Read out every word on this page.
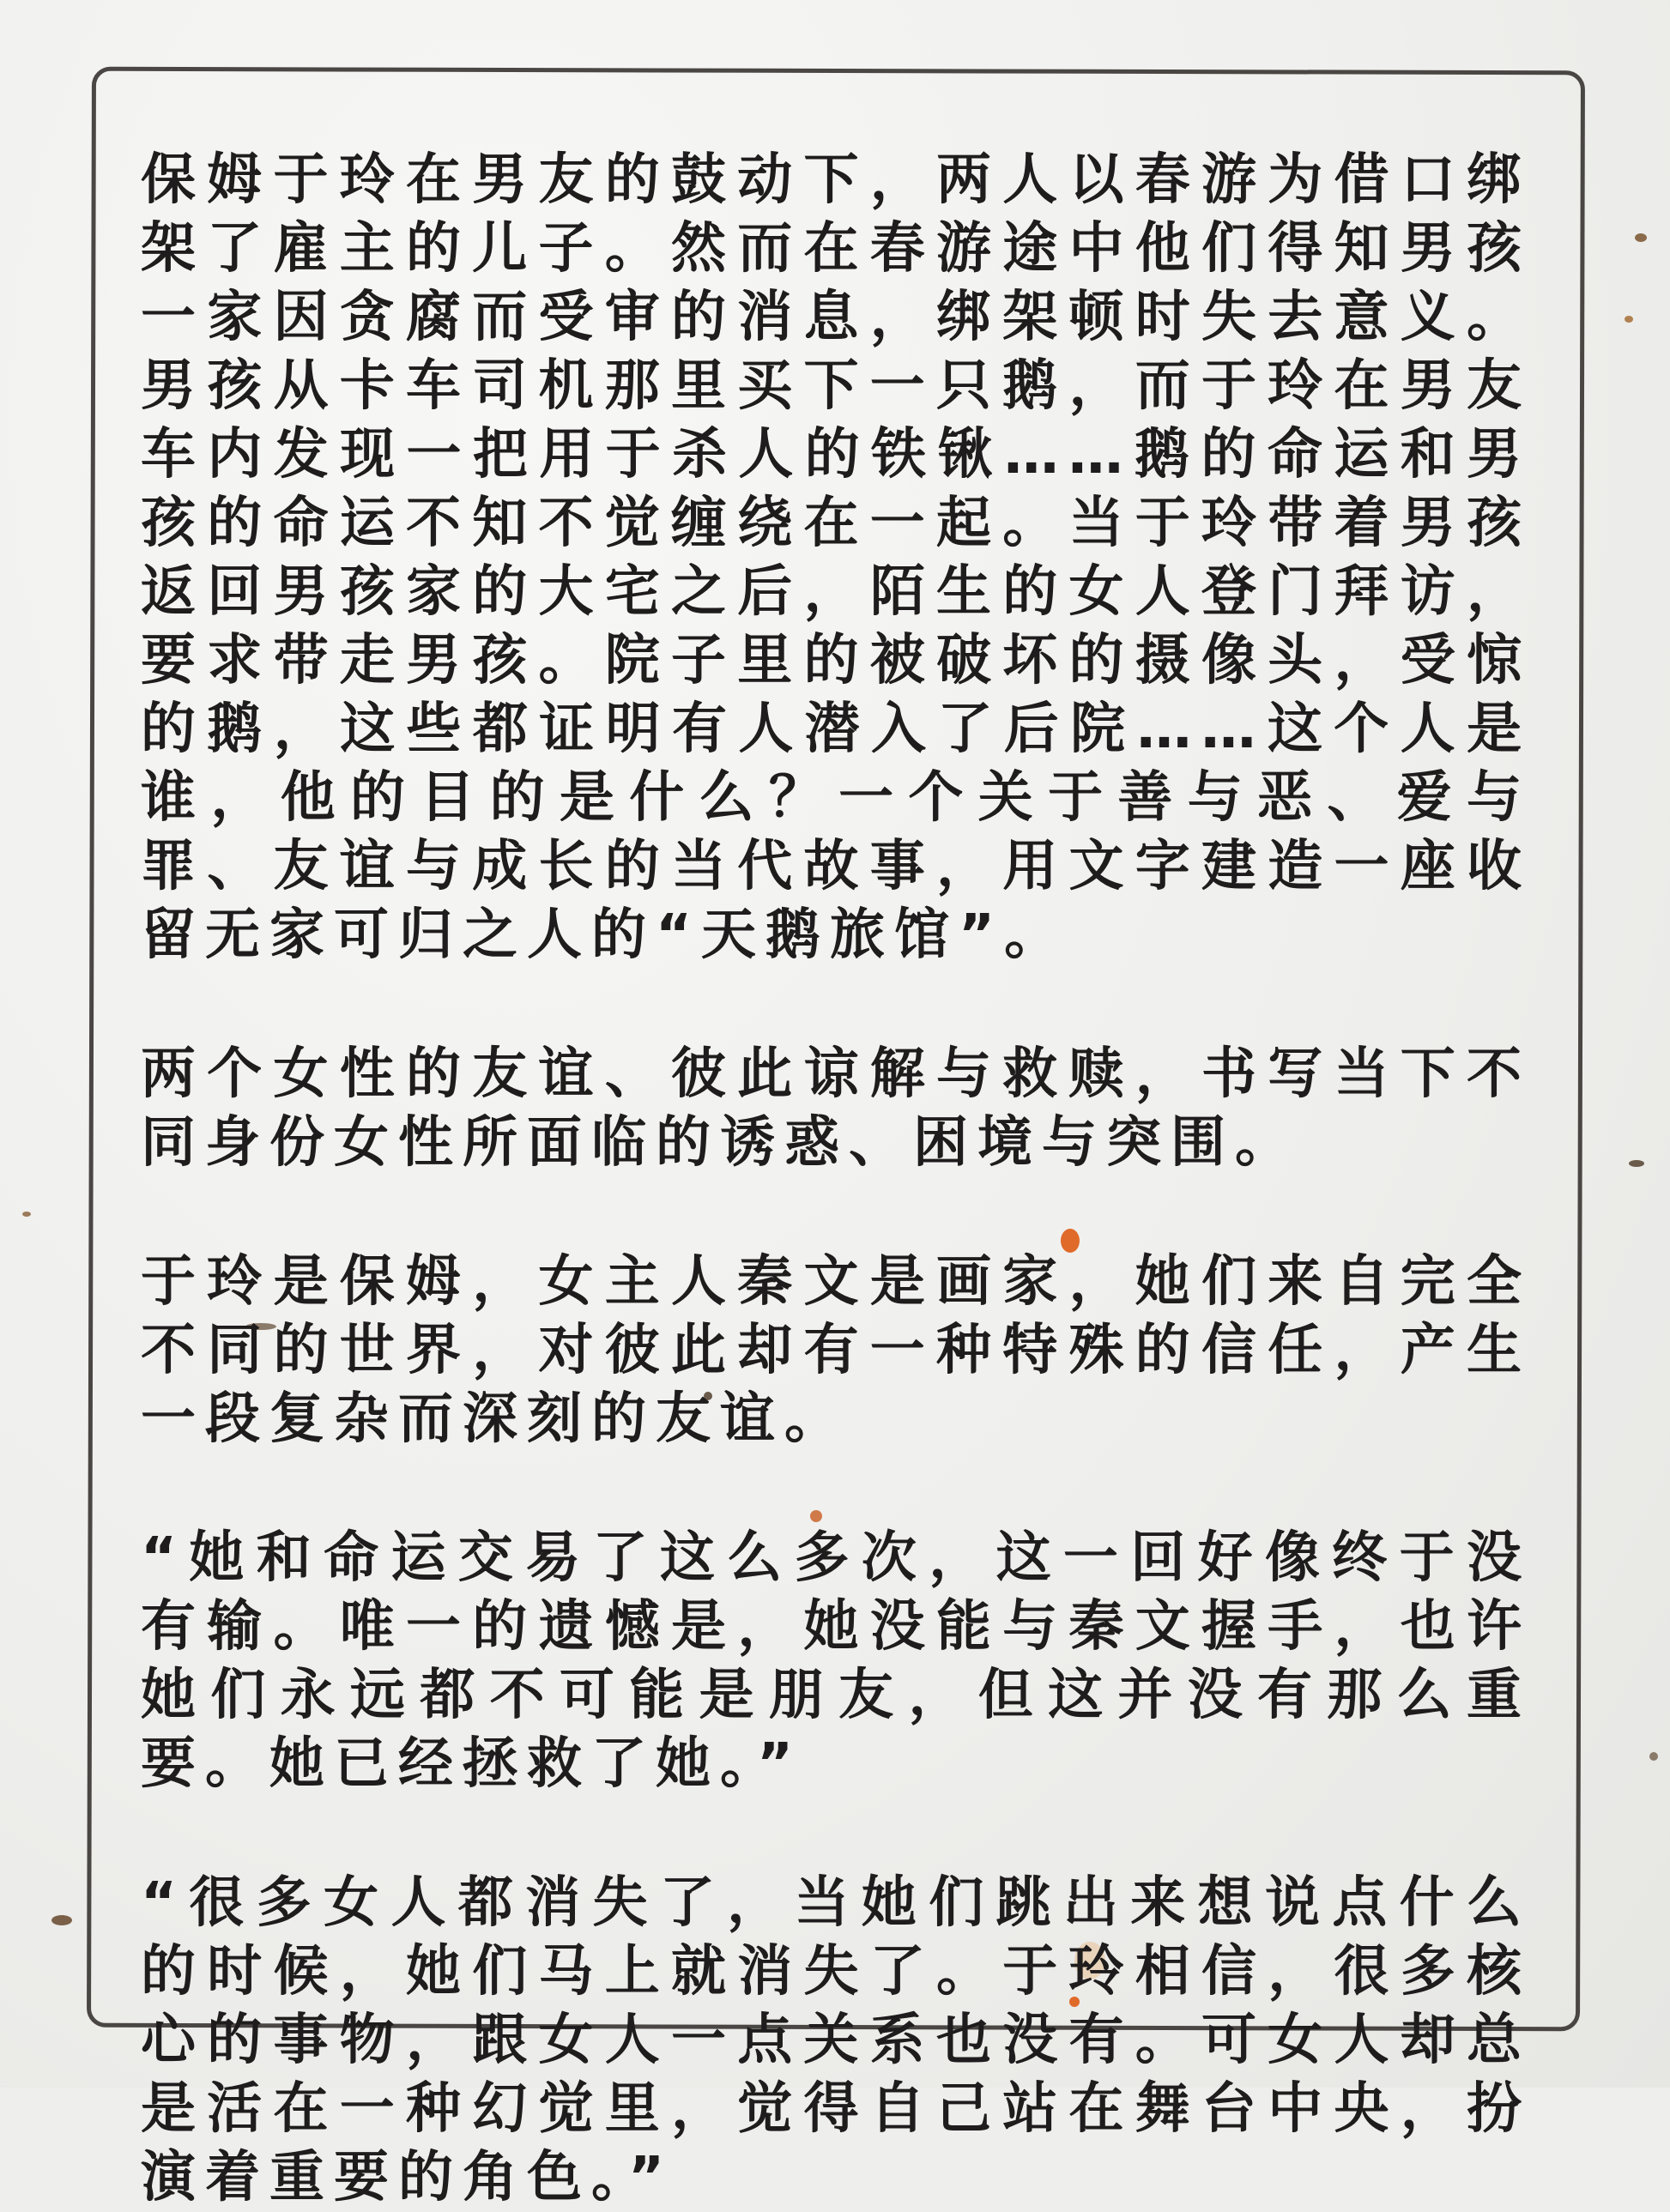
保姆于玲在男友的鼓动下，两人以春游为借口绑架了雇主的儿子。然而在春游途中他们得知男孩一家因贪腐而受审的消息，绑架顿时失去意义。男孩从卡车司机那里买下一只鹅，而于玲在男友车内发现一把用于杀人的铁锹……鹅的命运和男孩的命运不知不觉缠绕在一起。当于玲带着男孩返回男孩家的大宅之后，陌生的女人登门拜访，要求带走男孩。院子里的被破坏的摄像头，受惊的鹅，这些都证明有人潜入了后院……这个人是谁，他的目的是什么？一个关于善与恶、爱与罪、友谊与成长的当代故事，用文字建造一座收留无家可归之人的“天鹅旅馆”。

两个女性的友谊、彼此谅解与救赎，书写当下不同身份女性所面临的诱惑、困境与突围。

于玲是保姆，女主人秦文是画家，她们来自完全不同的世界，对彼此却有一种特殊的信任，产生一段复杂而深刻的友谊。

“她和命运交易了这么多次，这一回好像终于没有输。唯一的遗憾是，她没能与秦文握手，也许她们永远都不可能是朋友，但这并没有那么重要。她已经拯救了她。”

“很多女人都消失了，当她们跳出来想说点什么的时候，她们马上就消失了。于玲相信，很多核心的事物，跟女人一点关系也没有。可女人却总是活在一种幻觉里，觉得自己站在舞台中央，扮演着重要的角色。”
